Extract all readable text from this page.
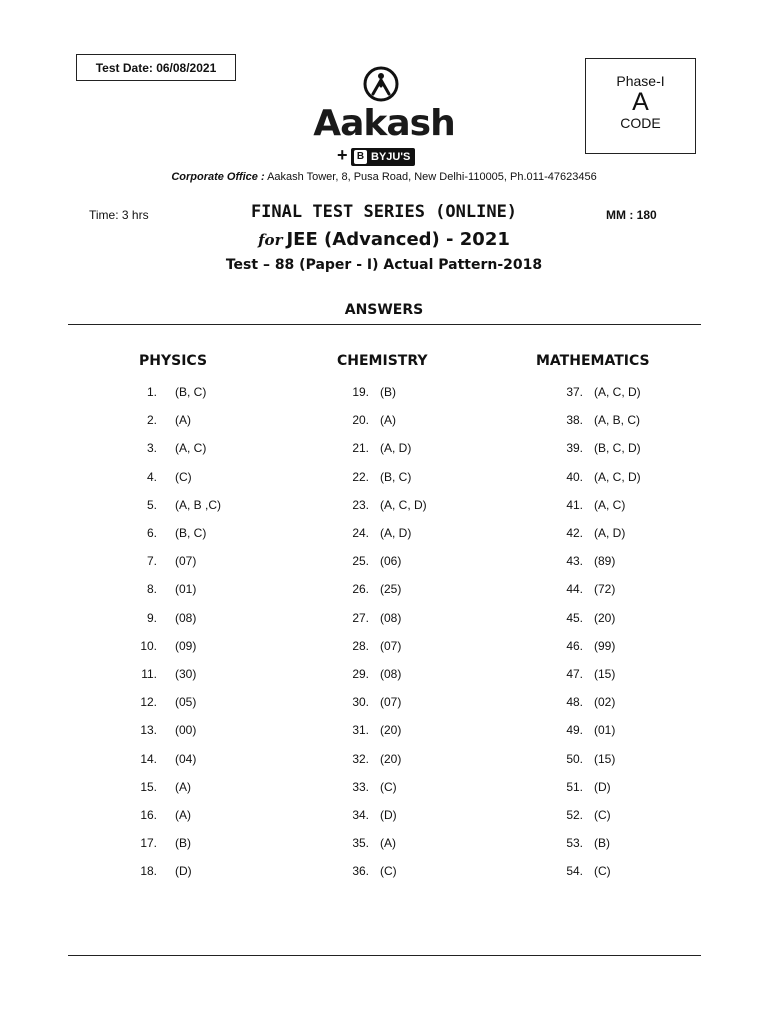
Test Date: 06/08/2021
Aakash
+ B BYJU'S
Phase-I
A
CODE
Corporate Office : Aakash Tower, 8, Pusa Road, New Delhi-110005, Ph.011-47623456
Time: 3 hrs	MM : 180
FINAL TEST SERIES (ONLINE)
for JEE (Advanced) - 2021
Test – 88 (Paper - I) Actual Pattern-2018
ANSWERS
PHYSICS	CHEMISTRY	MATHEMATICS
1. (B, C)
2. (A)
3. (A, C)
4. (C)
5. (A, B ,C)
6. (B, C)
7. (07)
8. (01)
9. (08)
10. (09)
11. (30)
12. (05)
13. (00)
14. (04)
15. (A)
16. (A)
17. (B)
18. (D)
19. (B)
20. (A)
21. (A, D)
22. (B, C)
23. (A, C, D)
24. (A, D)
25. (06)
26. (25)
27. (08)
28. (07)
29. (08)
30. (07)
31. (20)
32. (20)
33. (C)
34. (D)
35. (A)
36. (C)
37. (A, C, D)
38. (A, B, C)
39. (B, C, D)
40. (A, C, D)
41. (A, C)
42. (A, D)
43. (89)
44. (72)
45. (20)
46. (99)
47. (15)
48. (02)
49. (01)
50. (15)
51. (D)
52. (C)
53. (B)
54. (C)
